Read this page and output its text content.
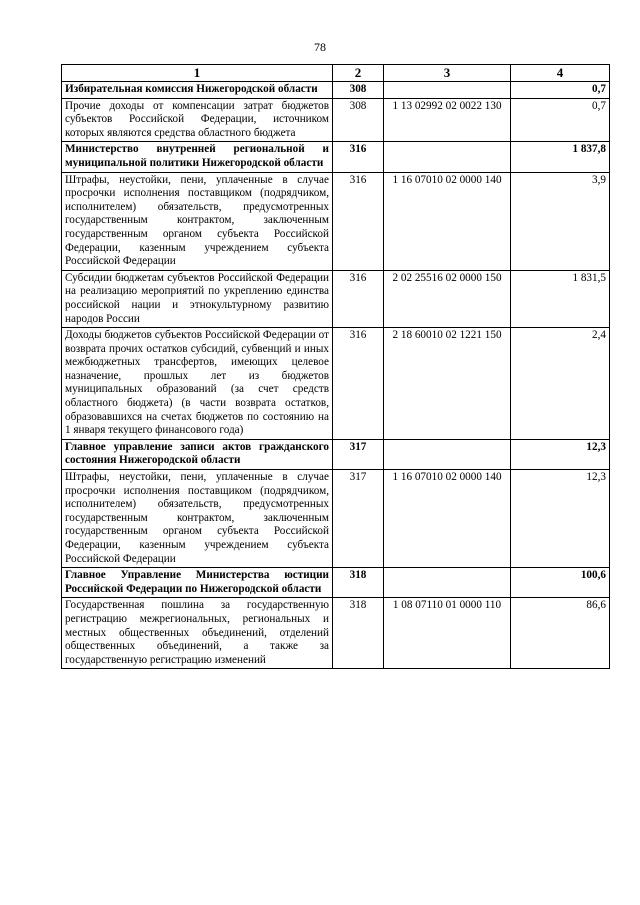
78
1	2	3	4
Избирательная комиссия Нижегородской области	308		0,7
Прочие доходы от компенсации затрат бюджетов субъектов Российской Федерации, источником которых являются средства областного бюджета	308	1 13 02992 02 0022 130	0,7
Министерство внутренней региональной и муниципальной политики Нижегородской области	316		1 837,8
Штрафы, неустойки, пени, уплаченные в случае просрочки исполнения поставщиком (подрядчиком, исполнителем) обязательств, предусмотренных государственным контрактом, заключенным государственным органом субъекта Российской Федерации, казенным учреждением субъекта Российской Федерации	316	1 16 07010 02 0000 140	3,9
Субсидии бюджетам субъектов Российской Федерации на реализацию мероприятий по укреплению единства российской нации и этнокультурному развитию народов России	316	2 02 25516 02 0000 150	1 831,5
Доходы бюджетов субъектов Российской Федерации от возврата прочих остатков субсидий, субвенций и иных межбюджетных трансфертов, имеющих целевое назначение, прошлых лет из бюджетов муниципальных образований (за счет средств областного бюджета) (в части возврата остатков, образовавшихся на счетах бюджетов по состоянию на 1 января текущего финансового года)	316	2 18 60010 02 1221 150	2,4
Главное управление записи актов гражданского состояния Нижегородской области	317		12,3
Штрафы, неустойки, пени, уплаченные в случае просрочки исполнения поставщиком (подрядчиком, исполнителем) обязательств, предусмотренных государственным контрактом, заключенным государственным органом субъекта Российской Федерации, казенным учреждением субъекта Российской Федерации	317	1 16 07010 02 0000 140	12,3
Главное Управление Министерства юстиции Российской Федерации по Нижегородской области	318		100,6
Государственная пошлина за государственную регистрацию межрегиональных, региональных и местных общественных объединений, отделений общественных объединений, а также за государственную регистрацию изменений	318	1 08 07110 01 0000 110	86,6
